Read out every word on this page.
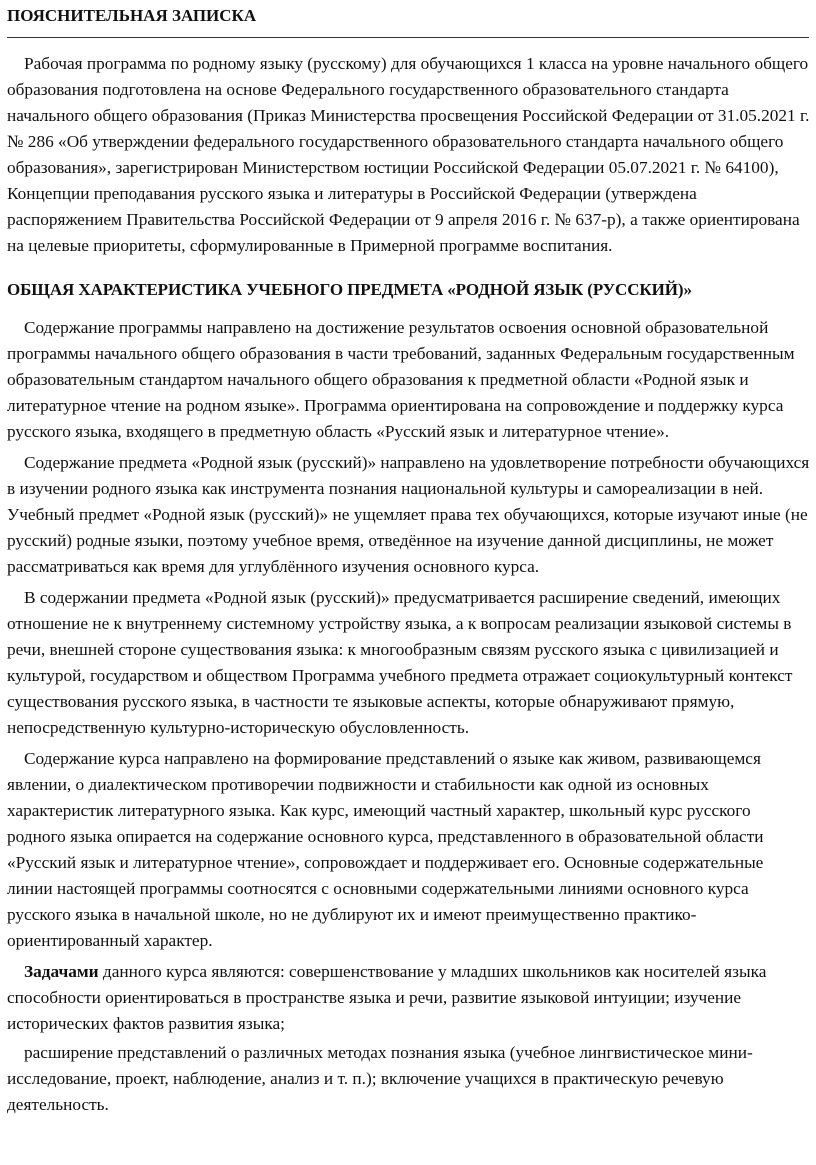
ПОЯСНИТЕЛЬНАЯ ЗАПИСКА

Рабочая программа по родному языку (русскому) для обучающихся 1 класса на уровне начального общего образования подготовлена на основе Федерального государственного образовательного стандарта начального общего образования (Приказ Министерства просвещения Российской Федерации от 31.05.2021 г. № 286 «Об утверждении федерального государственного образовательного стандарта начального общего образования», зарегистрирован Министерством юстиции Российской Федерации 05.07.2021 г. № 64100), Концепции преподавания русского языка и литературы в Российской Федерации (утверждена распоряжением Правительства Российской Федерации от 9 апреля 2016 г. № 637-р), а также ориентирована на целевые приоритеты, сформулированные в Примерной программе воспитания.

ОБЩАЯ ХАРАКТЕРИСТИКА УЧЕБНОГО ПРЕДМЕТА «РОДНОЙ ЯЗЫК (РУССКИЙ)»

Содержание программы направлено на достижение результатов освоения основной образовательной программы начального общего образования в части требований, заданных Федеральным государственным образовательным стандартом начального общего образования к предметной области «Родной язык и литературное чтение на родном языке». Программа ориентирована на сопровождение и поддержку курса русского языка, входящего в предметную область «Русский язык и литературное чтение».

Содержание предмета «Родной язык (русский)» направлено на удовлетворение потребности обучающихся в изучении родного языка как инструмента познания национальной культуры и самореализации в ней. Учебный предмет «Родной язык (русский)» не ущемляет права тех обучающихся, которые изучают иные (не русский) родные языки, поэтому учебное время, отведённое на изучение данной дисциплины, не может рассматриваться как время для углублённого изучения основного курса.

В содержании предмета «Родной язык (русский)» предусматривается расширение сведений, имеющих отношение не к внутреннему системному устройству языка, а к вопросам реализации языковой системы в речи, внешней стороне существования языка: к многообразным связям русского языка с цивилизацией и культурой, государством и обществом Программа учебного предмета отражает социокультурный контекст существования русского языка, в частности те языковые аспекты, которые обнаруживают прямую, непосредственную культурно-историческую обусловленность.

Содержание курса направлено на формирование представлений о языке как живом, развивающемся явлении, о диалектическом противоречии подвижности и стабильности как одной из основных характеристик литературного языка. Как курс, имеющий частный характер, школьный курс русского родного языка опирается на содержание основного курса, представленного в образовательной области «Русский язык и литературное чтение», сопровождает и поддерживает его. Основные содержательные линии настоящей программы соотносятся с основными содержательными линиями основного курса русского языка в начальной школе, но не дублируют их и имеют преимущественно практико-ориентированный характер.

Задачами данного курса являются: совершенствование у младших школьников как носителей языка способности ориентироваться в пространстве языка и речи, развитие языковой интуиции; изучение исторических фактов развития языка;

расширение представлений о различных методах познания языка (учебное лингвистическое мини-исследование, проект, наблюдение, анализ и т. п.); включение учащихся в практическую речевую деятельность.
